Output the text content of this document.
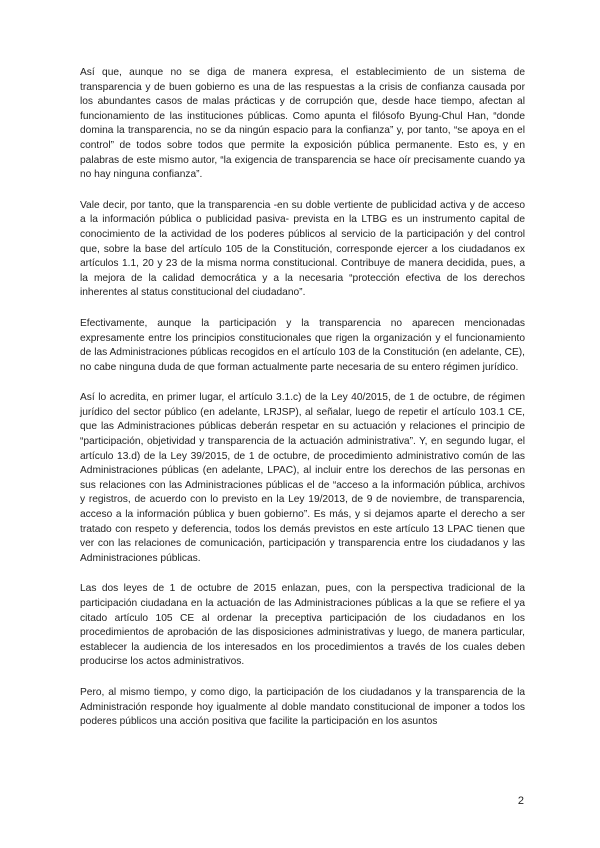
Así que, aunque no se diga de manera expresa, el establecimiento de un sistema de transparencia y de buen gobierno es una de las respuestas a la crisis de confianza causada por los abundantes casos de malas prácticas y de corrupción que, desde hace tiempo, afectan al funcionamiento de las instituciones públicas. Como apunta el filósofo Byung-Chul Han, “donde domina la transparencia, no se da ningún espacio para la confianza” y, por tanto, “se apoya en el control” de todos sobre todos que permite la exposición pública permanente. Esto es, y en palabras de este mismo autor, “la exigencia de transparencia se hace oír precisamente cuando ya no hay ninguna confianza”.

Vale decir, por tanto, que la transparencia -en su doble vertiente de publicidad activa y de acceso a la información pública o publicidad pasiva- prevista en la LTBG es un instrumento capital de conocimiento de la actividad de los poderes públicos al servicio de la participación y del control que, sobre la base del artículo 105 de la Constitución, corresponde ejercer a los ciudadanos ex artículos 1.1, 20 y 23 de la misma norma constitucional. Contribuye de manera decidida, pues, a la mejora de la calidad democrática y a la necesaria “protección efectiva de los derechos inherentes al status constitucional del ciudadano”.

Efectivamente, aunque la participación y la transparencia no aparecen mencionadas expresamente entre los principios constitucionales que rigen la organización y el funcionamiento de las Administraciones públicas recogidos en el artículo 103 de la Constitución (en adelante, CE), no cabe ninguna duda de que forman actualmente parte necesaria de su entero régimen jurídico.

Así lo acredita, en primer lugar, el artículo 3.1.c) de la Ley 40/2015, de 1 de octubre, de régimen jurídico del sector público (en adelante, LRJSP), al señalar, luego de repetir el artículo 103.1 CE, que las Administraciones públicas deberán respetar en su actuación y relaciones el principio de “participación, objetividad y transparencia de la actuación administrativa”. Y, en segundo lugar, el artículo 13.d) de la Ley 39/2015, de 1 de octubre, de procedimiento administrativo común de las Administraciones públicas (en adelante, LPAC), al incluir entre los derechos de las personas en sus relaciones con las Administraciones públicas el de “acceso a la información pública, archivos y registros, de acuerdo con lo previsto en la Ley 19/2013, de 9 de noviembre, de transparencia, acceso a la información pública y buen gobierno”. Es más, y si dejamos aparte el derecho a ser tratado con respeto y deferencia, todos los demás previstos en este artículo 13 LPAC tienen que ver con las relaciones de comunicación, participación y transparencia entre los ciudadanos y las Administraciones públicas.

Las dos leyes de 1 de octubre de 2015 enlazan, pues, con la perspectiva tradicional de la participación ciudadana en la actuación de las Administraciones públicas a la que se refiere el ya citado artículo 105 CE al ordenar la preceptiva participación de los ciudadanos en los procedimientos de aprobación de las disposiciones administrativas y luego, de manera particular, establecer la audiencia de los interesados en los procedimientos a través de los cuales deben producirse los actos administrativos.

Pero, al mismo tiempo, y como digo, la participación de los ciudadanos y la transparencia de la Administración responde hoy igualmente al doble mandato constitucional de imponer a todos los poderes públicos una acción positiva que facilite la participación en los asuntos

2
